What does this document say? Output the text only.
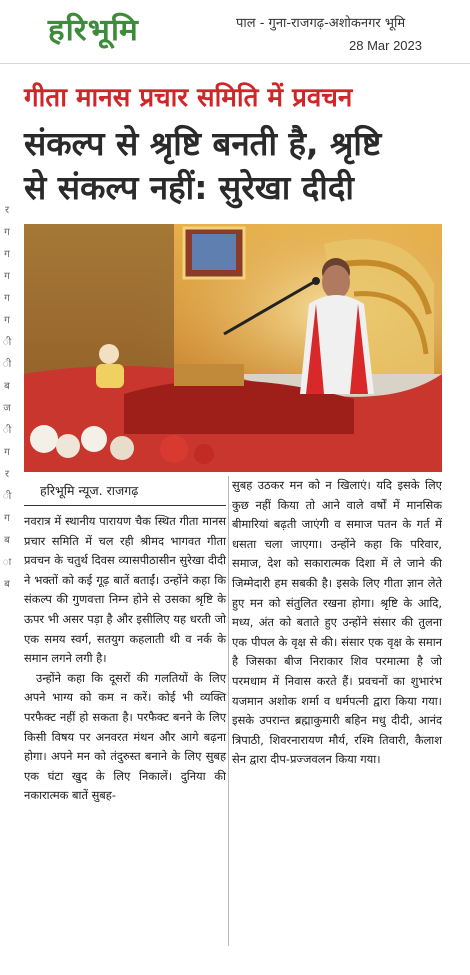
हरिभूमि	पाल - गुना-राजगढ़-अशोकनगर भूमि
28 Mar 2023
र
ग
ग
ग
ग
ग
ी
ी
ब
ज
ी
ग
र
ी
ग
ब
ा
ब
गीता मानस प्रचार समिति में प्रवचन
संकल्प से श्रृष्टि बनती है, श्रृष्टि
से संकल्प नहीं: सुरेखा दीदी
हरिभूमि न्यूज. राजगढ़

नवरात्र में स्थानीय पारायण चैक स्थित गीता मानस प्रचार समिति में चल रही श्रीमद भागवत गीता प्रवचन के चतुर्थ दिवस व्यासपीठासीन सुरेखा दीदी ने भक्तों को कई गूढ़ बातें बताईं। उन्होंने कहा कि संकल्प की गुणवत्ता निम्न होने से उसका श्रृष्टि के ऊपर भी असर पड़ा है और इसीलिए यह धरती जो एक समय स्वर्ग, सतयुग कहलाती थी व नर्क के समान लगने लगी है।

उन्होंने कहा कि दूसरों की गलतियों के लिए अपने भाग्य को कम न करें। कोई भी व्यक्ति परफैक्ट नहीं हो सकता है। परफैक्ट बनने के लिए किसी विषय पर अनवरत मंथन और आगे बढ़ना होगा। अपने मन को तंदुरुस्त बनाने के लिए सुबह एक घंटा खुद के लिए निकालें। दुनिया की नकारात्मक बातें सुबह-

सुबह उठकर मन को न खिलाएं। यदि इसके लिए कुछ नहीं किया तो आने वाले वर्षों में मानसिक बीमारियां बढ़ती जाएंगी व समाज पतन के गर्त में धसता चला जाएगा। उन्होंने कहा कि परिवार, समाज, देश को सकारात्मक दिशा में ले जाने की जिम्मेदारी हम सबकी है। इसके लिए गीता ज्ञान लेते हुए मन को संतुलित रखना होगा। श्रृष्टि के आदि, मध्य, अंत को बताते हुए उन्होंने संसार की तुलना एक पीपल के वृक्ष से की। संसार एक वृक्ष के समान है जिसका बीज निराकार शिव परमात्मा है जो परमधाम में निवास करते हैं। प्रवचनों का शुभारंभ यजमान अशोक शर्मा व धर्मपत्नी द्वारा किया गया। इसके उपरान्त ब्रह्माकुमारी बहिन मधु दीदी, आनंद त्रिपाठी, शिवरनारायण मौर्य, रश्मि तिवारी, कैलाश सेन द्वारा दीप-प्रज्जवलन किया गया।
